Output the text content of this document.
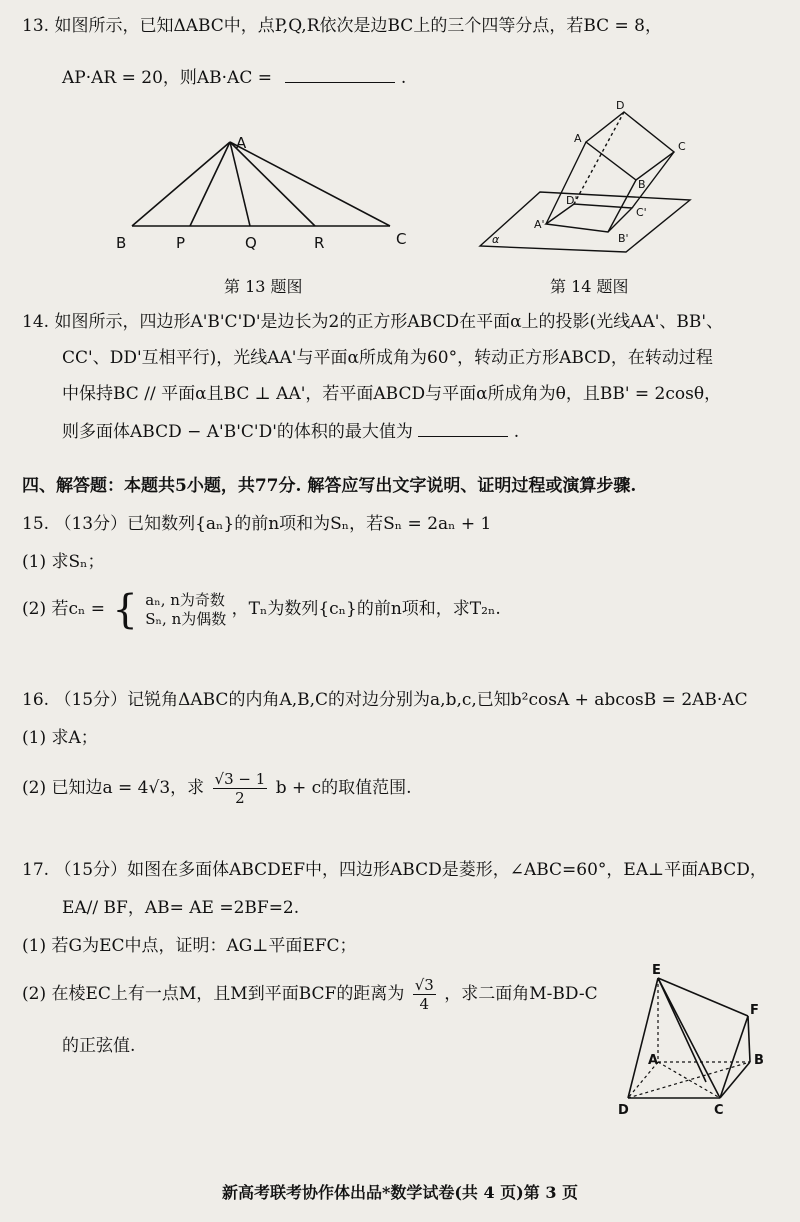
13. 如图所示，已知ΔABC中，点P,Q,R依次是边BC上的三个四等分点，若BC = 8，
AP·AR = 20，则AB·AC =	.
A
B	P	Q	R	C
第 13 题图
D
A
C
B
D'
C'
A'
B'
α
第 14 题图
14. 如图所示，四边形A'B'C'D'是边长为2的正方形ABCD在平面α上的投影(光线AA'、BB'、
CC'、DD'互相平行)，光线AA'与平面α所成角为60°，转动正方形ABCD，在转动过程
中保持BC // 平面α且BC ⊥ AA'，若平面ABCD与平面α所成角为θ，且BB' = 2cosθ，
则多面体ABCD − A'B'C'D'的体积的最大值为	.
四、解答题：本题共5小题，共77分. 解答应写出文字说明、证明过程或演算步骤.
15. （13分）已知数列{aₙ}的前n项和为Sₙ，若Sₙ = 2aₙ + 1
(1) 求Sₙ；
(2) 若cₙ = { aₙ, n为奇数
Sₙ, n为偶数 ，Tₙ为数列{cₙ}的前n项和，求T₂ₙ.
16. （15分）记锐角ΔABC的内角A,B,C的对边分别为a,b,c,已知b²cosA + abcosB = 2AB·AC
(1) 求A；
(2) 已知边a = 4√3，求 $\frac{√3 - 1}{2}$ b + c的取值范围.
17. （15分）如图在多面体ABCDEF中，四边形ABCD是菱形，∠ABC=60°，EA⊥平面ABCD，
EA// BF，AB= AE =2BF=2.
(1) 若G为EC中点，证明：AG⊥平面EFC；
(2) 在棱EC上有一点M，且M到平面BCF的距离为 $\frac{√3}{4}$ ，求二面角M-BD-C
的正弦值.
E
F
A	B
D	C
新高考联考协作体出品*数学试卷(共 4 页)第 3 页
